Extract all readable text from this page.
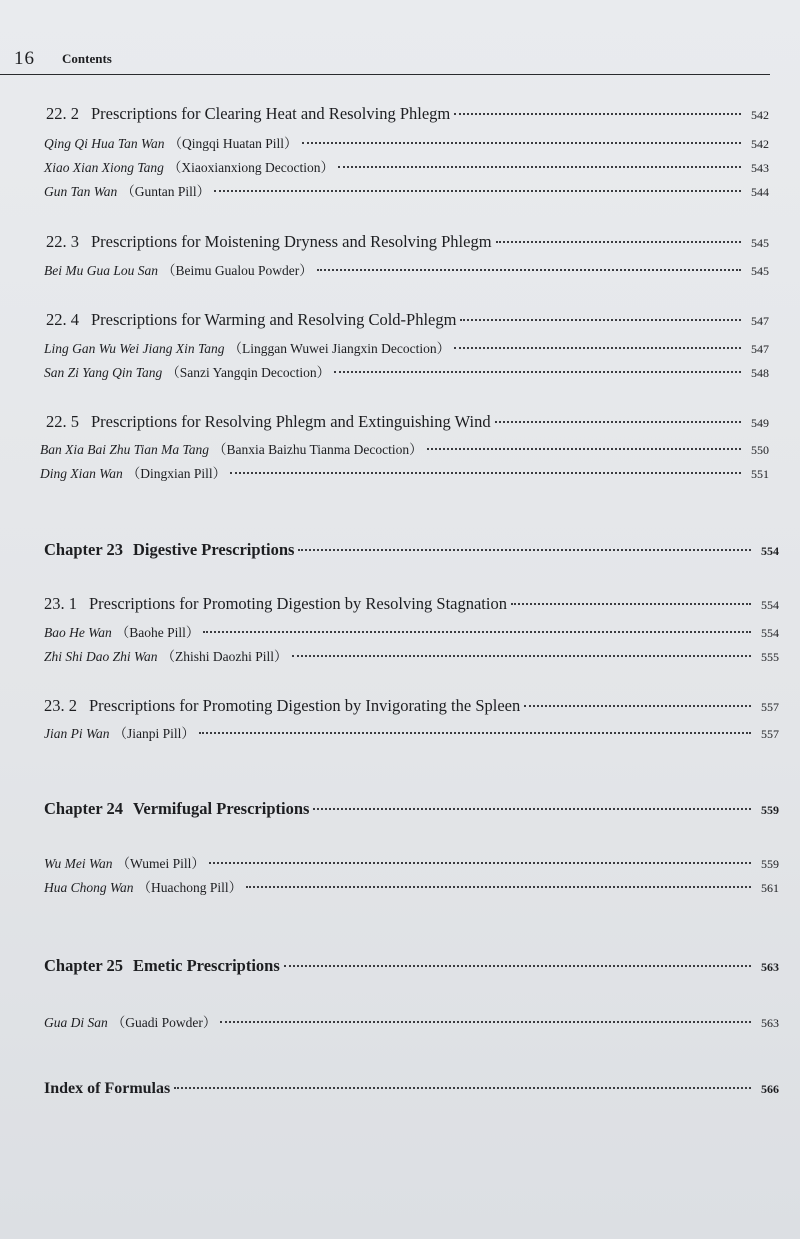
16 Contents
22. 2 Prescriptions for Clearing Heat and Resolving Phlegm	542
Qing Qi Hua Tan Wan （Qingqi Huatan Pill）	542
Xiao Xian Xiong Tang （Xiaoxianxiong Decoction）	543
Gun Tan Wan （Guntan Pill）	544
22. 3 Prescriptions for Moistening Dryness and Resolving Phlegm	545
Bei Mu Gua Lou San （Beimu Gualou Powder）	545
22. 4 Prescriptions for Warming and Resolving Cold-Phlegm	547
Ling Gan Wu Wei Jiang Xin Tang （Linggan Wuwei Jiangxin Decoction）	547
San Zi Yang Qin Tang （Sanzi Yangqin Decoction）	548
22. 5 Prescriptions for Resolving Phlegm and Extinguishing Wind	549
Ban Xia Bai Zhu Tian Ma Tang （Banxia Baizhu Tianma Decoction）	550
Ding Xian Wan （Dingxian Pill）	551
Chapter 23 Digestive Prescriptions	554
23. 1 Prescriptions for Promoting Digestion by Resolving Stagnation	554
Bao He Wan （Baohe Pill）	554
Zhi Shi Dao Zhi Wan （Zhishi Daozhi Pill）	555
23. 2 Prescriptions for Promoting Digestion by Invigorating the Spleen	557
Jian Pi Wan （Jianpi Pill）	557
Chapter 24 Vermifugal Prescriptions	559
Wu Mei Wan （Wumei Pill）	559
Hua Chong Wan （Huachong Pill）	561
Chapter 25 Emetic Prescriptions	563
Gua Di San （Guadi Powder）	563
Index of Formulas	566
